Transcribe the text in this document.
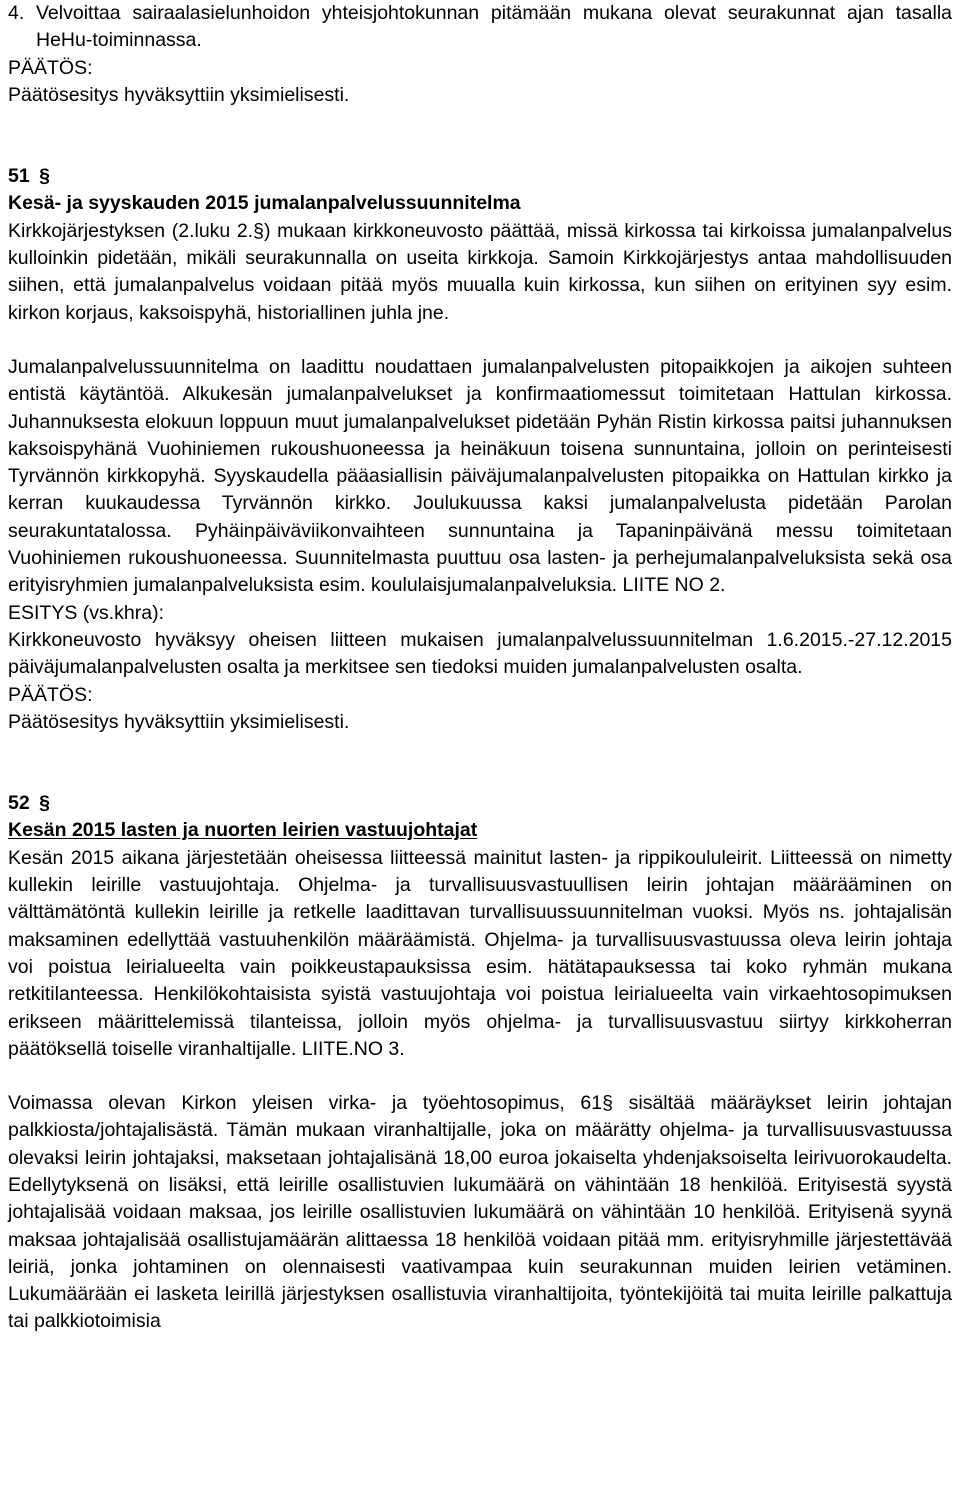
4. Velvoittaa sairaalasielunhoidon yhteisjohtokunnan pitämään mukana olevat seurakunnat ajan tasalla HeHu-toiminnassa.

PÄÄTÖS:

Päätösesitys hyväksyttiin yksimielisesti.

51 §

Kesä- ja syyskauden 2015 jumalanpalvelussuunnitelma

Kirkkojärjestyksen (2.luku 2.§) mukaan kirkkoneuvosto päättää, missä kirkossa tai kirkoissa jumalanpalvelus kulloinkin pidetään, mikäli seurakunnalla on useita kirkkoja. Samoin Kirkkojärjestys antaa mahdollisuuden siihen, että jumalanpalvelus voidaan pitää myös muualla kuin kirkossa, kun siihen on erityinen syy esim. kirkon korjaus, kaksoispyhä, historiallinen juhla jne.

Jumalanpalvelussuunnitelma on laadittu noudattaen jumalanpalvelusten pitopaikkojen ja aikojen suhteen entistä käytäntöä. Alkukesän jumalanpalvelukset ja konfirmaatiomessut toimitetaan Hattulan kirkossa. Juhannuksesta elokuun loppuun muut jumalanpalvelukset pidetään Pyhän Ristin kirkossa paitsi juhannuksen kaksoispyhänä Vuohiniemen rukoushuoneessa ja heinäkuun toisena sunnuntaina, jolloin on perinteisesti Tyrvännön kirkkopyhä. Syyskaudella pääasiallisin päiväjumalanpalvelusten pitopaikka on Hattulan kirkko ja kerran kuukaudessa Tyrvännön kirkko. Joulukuussa kaksi jumalanpalvelusta pidetään Parolan seurakuntatalossa. Pyhäinpäiväviikonvaihteen sunnuntaina ja Tapaninpäivänä messu toimitetaan Vuohiniemen rukoushuoneessa. Suunnitelmasta puuttuu osa lasten- ja perhejumalanpalveluksista sekä osa erityisryhmien jumalanpalveluksista esim. koululaisjumalanpalveluksia. LIITE NO 2.

ESITYS (vs.khra):

Kirkkoneuvosto hyväksyy oheisen liitteen mukaisen jumalanpalvelussuunnitelman 1.6.2015.-27.12.2015 päiväjumalanpalvelusten osalta ja merkitsee sen tiedoksi muiden jumalanpalvelusten osalta.

PÄÄTÖS:

Päätösesitys hyväksyttiin yksimielisesti.

52 §

Kesän 2015 lasten ja nuorten leirien vastuujohtajat

Kesän 2015 aikana järjestetään oheisessa liitteessä mainitut lasten- ja rippikoululeirit. Liitteessä on nimetty kullekin leirille vastuujohtaja. Ohjelma- ja turvallisuusvastuullisen leirin johtajan määrääminen on välttämätöntä kullekin leirille ja retkelle laadittavan turvallisuussuunnitelman vuoksi. Myös ns. johtajalisän maksaminen edellyttää vastuuhenkilön määräämistä. Ohjelma- ja turvallisuusvastuussa oleva leirin johtaja voi poistua leirialueelta vain poikkeustapauksissa esim. hätätapauksessa tai koko ryhmän mukana retkitilanteessa. Henkilökohtaisista syistä vastuujohtaja voi poistua leirialueelta vain virkaehtosopimuksen erikseen määrittelemissä tilanteissa, jolloin myös ohjelma- ja turvallisuusvastuu siirtyy kirkkoherran päätöksellä toiselle viranhaltijalle. LIITE.NO 3.

Voimassa olevan Kirkon yleisen virka- ja työehtosopimus, 61§ sisältää määräykset leirin johtajan palkkiosta/johtajalisästä. Tämän mukaan viranhaltijalle, joka on määrätty ohjelma- ja turvallisuusvastuussa olevaksi leirin johtajaksi, maksetaan johtajalisänä 18,00 euroa jokaiselta yhdenjaksoiselta leirivuorokaudelta. Edellytyksenä on lisäksi, että leirille osallistuvien lukumäärä on vähintään 18 henkilöä. Erityisestä syystä johtajalisää voidaan maksaa, jos leirille osallistuvien lukumäärä on vähintään 10 henkilöä. Erityisenä syynä maksaa johtajalisää osallistujamäärän alittaessa 18 henkilöä voidaan pitää mm. erityisryhmille järjestettävää leiriä, jonka johtaminen on olennaisesti vaativampaa kuin seurakunnan muiden leirien vetäminen. Lukumäärään ei lasketa leirillä järjestyksen osallistuvia viranhaltijoita, työntekijöitä tai muita leirille palkattuja tai palkkiotoimisia
